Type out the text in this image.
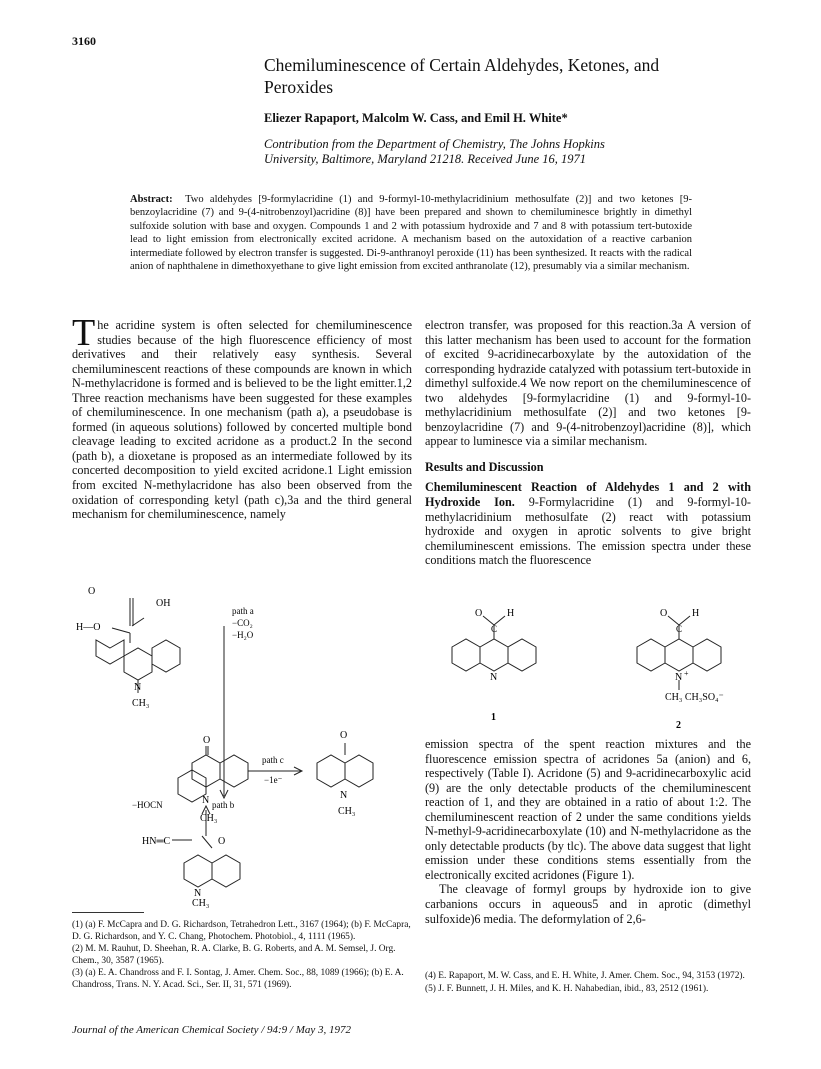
3160
Chemiluminescence of Certain Aldehydes, Ketones, and Peroxides
Eliezer Rapaport, Malcolm W. Cass, and Emil H. White*
Contribution from the Department of Chemistry, The Johns Hopkins
University, Baltimore, Maryland 21218. Received June 16, 1971
Abstract: Two aldehydes [9-formylacridine (1) and 9-formyl-10-methylacridinium methosulfate (2)] and two ketones [9-benzoylacridine (7) and 9-(4-nitrobenzoyl)acridine (8)] have been prepared and shown to chemiluminesce brightly in dimethyl sulfoxide solution with base and oxygen. Compounds 1 and 2 with potassium hydroxide and 7 and 8 with potassium tert-butoxide lead to light emission from electronically excited acridone. A mechanism based on the autoxidation of a reactive carbanion intermediate followed by electron transfer is suggested. Di-9-anthranoyl peroxide (11) has been synthesized. It reacts with the radical anion of naphthalene in dimethoxyethane to give light emission from excited anthranolate (12), presumably via a similar mechanism.
The acridine system is often selected for chemiluminescence studies because of the high fluorescence efficiency of most derivatives and their relatively easy synthesis. Several chemiluminescent reactions of these compounds are known in which N-methylacridone is formed and is believed to be the light emitter.1,2 Three reaction mechanisms have been suggested for these examples of chemiluminescence. In one mechanism (path a), a pseudobase is formed (in aqueous solutions) followed by concerted multiple bond cleavage leading to excited acridone as a product.2 In the second (path b), a dioxetane is proposed as an intermediate followed by its concerted decomposition to yield excited acridone.1 Light emission from excited N-methylacridone has also been observed from the oxidation of corresponding ketyl (path c),3a and the third general mechanism for chemiluminescence, namely
O
OH
H—O
N
CH₃
path a
−CO₂
−H₂O
O
N
CH₃
path c
−1e⁻
O
N
CH₃
−HOCN	path b
HN═C	O
N
CH₃
electron transfer, was proposed for this reaction.3a A version of this latter mechanism has been used to account for the formation of excited 9-acridinecarboxylate by the autoxidation of the corresponding hydrazide catalyzed with potassium tert-butoxide in dimethyl sulfoxide.4 We now report on the chemiluminescence of two aldehydes [9-formylacridine (1) and 9-formyl-10-methylacridinium methosulfate (2)] and two ketones [9-benzoylacridine (7) and 9-(4-nitrobenzoyl)acridine (8)], which appear to luminesce via a similar mechanism.
Results and Discussion
Chemiluminescent Reaction of Aldehydes 1 and 2 with Hydroxide Ion. 9-Formylacridine (1) and 9-formyl-10-methylacridinium methosulfate (2) react with potassium hydroxide and oxygen in aprotic solvents to give bright chemiluminescent emissions. The emission spectra under these conditions match the fluorescence
O H
C
N
1
O H
C
N +
CH₃ CH₃SO₄⁻
2
emission spectra of the spent reaction mixtures and the fluorescence emission spectra of acridones 5a (anion) and 6, respectively (Table I). Acridone (5) and 9-acridinecarboxylic acid (9) are the only detectable products of the chemiluminescent reaction of 1, and they are obtained in a ratio of about 1:2. The chemiluminescent reaction of 2 under the same conditions yields N-methyl-9-acridinecarboxylate (10) and N-methylacridone as the only detectable products (by tlc). The above data suggest that light emission under these conditions stems essentially from the electronically excited acridones (Figure 1).
The cleavage of formyl groups by hydroxide ion to give carbanions occurs in aqueous5 and in aprotic (dimethyl sulfoxide)6 media. The deformylation of 2,6-

(1) (a) F. McCapra and D. G. Richardson, Tetrahedron Lett., 3167 (1964); (b) F. McCapra, D. G. Richardson, and Y. C. Chang, Photochem. Photobiol., 4, 1111 (1965).

(2) M. M. Rauhut, D. Sheehan, R. A. Clarke, B. G. Roberts, and A. M. Semsel, J. Org. Chem., 30, 3587 (1965).

(3) (a) E. A. Chandross and F. I. Sontag, J. Amer. Chem. Soc., 88, 1089 (1966); (b) E. A. Chandross, Trans. N. Y. Acad. Sci., Ser. II, 31, 571 (1969).

(4) E. Rapaport, M. W. Cass, and E. H. White, J. Amer. Chem. Soc., 94, 3153 (1972).

(5) J. F. Bunnett, J. H. Miles, and K. H. Nahabedian, ibid., 83, 2512 (1961).

Journal of the American Chemical Society / 94:9 / May 3, 1972
